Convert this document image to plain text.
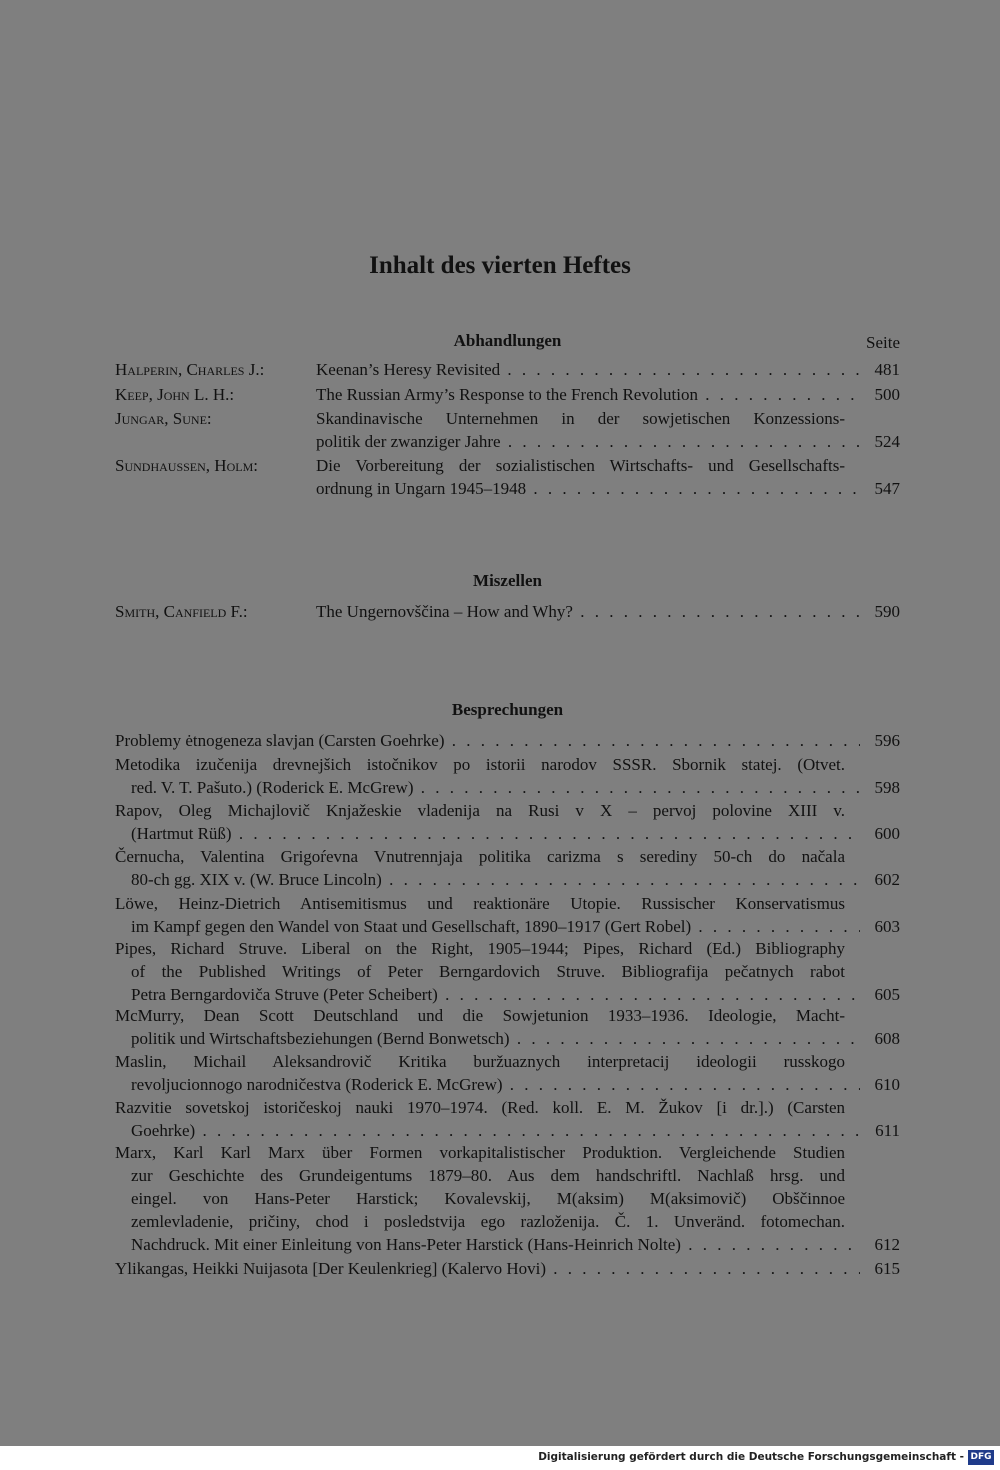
Inhalt des vierten Heftes
Abhandlungen	Seite
Halperin, Charles J.:	Keenan’s Heresy Revisited . . .	481
Keep, John L. H.:	The Russian Army’s Response to the French Revolution . . .	500
Jungar, Sune:	Skandinavische Unternehmen in der sowjetischen Konzessions-
politik der zwanziger Jahre . . .	524
Sundhaussen, Holm:	Die Vorbereitung der sozialistischen Wirtschafts- und Gesellschafts-
ordnung in Ungarn 1945–1948 . . .	547
Miszellen
Smith, Canfield F.:	The Ungernovščina – How and Why? . . .	590
Besprechungen
Problemy ėtnogeneza slavjan (Carsten Goehrke) . . .	596
Metodika izučenija drevnejšich istočnikov po istorii narodov SSSR. Sbornik statej. (Otvet.
red. V. T. Pašuto.) (Roderick E. McGrew) . . .	598
Rapov, Oleg Michajlovič Knjažeskie vladenija na Rusi v X – pervoj polovine XIII v.
(Hartmut Rüß) . . .	600
Černucha, Valentina Grigoŕevna Vnutrennjaja politika carizma s serediny 50-ch do načala
80-ch gg. XIX v. (W. Bruce Lincoln) . . .	602
Löwe, Heinz-Dietrich Antisemitismus und reaktionäre Utopie. Russischer Konservatismus
im Kampf gegen den Wandel von Staat und Gesellschaft, 1890–1917 (Gert Robel) . . .	603
Pipes, Richard Struve. Liberal on the Right, 1905–1944; Pipes, Richard (Ed.) Bibliography
of the Published Writings of Peter Berngardovich Struve. Bibliografija pečatnych rabot
Petra Berngardoviča Struve (Peter Scheibert) . . .	605
McMurry, Dean Scott Deutschland und die Sowjetunion 1933–1936. Ideologie, Macht-
politik und Wirtschaftsbeziehungen (Bernd Bonwetsch) . . .	608
Maslin, Michail Aleksandrovič Kritika buržuaznych interpretacij ideologii russkogo
revoljucionnogo narodničestva (Roderick E. McGrew) . . .	610
Razvitie sovetskoj istoričeskoj nauki 1970–1974. (Red. koll. E. M. Žukov [i dr.].) (Carsten
Goehrke) . . .	611
Marx, Karl Karl Marx über Formen vorkapitalistischer Produktion. Vergleichende Studien
zur Geschichte des Grundeigentums 1879–80. Aus dem handschriftl. Nachlaß hrsg. und
eingel. von Hans-Peter Harstick; Kovalevskij, M(aksim) M(aksimovič) Obščinnoe
zemlevladenie, pričiny, chod i posledstvija ego razloženija. Č. 1. Unveränd. fotomechan.
Nachdruck. Mit einer Einleitung von Hans-Peter Harstick (Hans-Heinrich Nolte) . . .	612
Ylikangas, Heikki Nuijasota [Der Keulenkrieg] (Kalervo Hovi) . . .	615
Digitalisierung gefördert durch die Deutsche Forschungsgemeinschaft - DFG
